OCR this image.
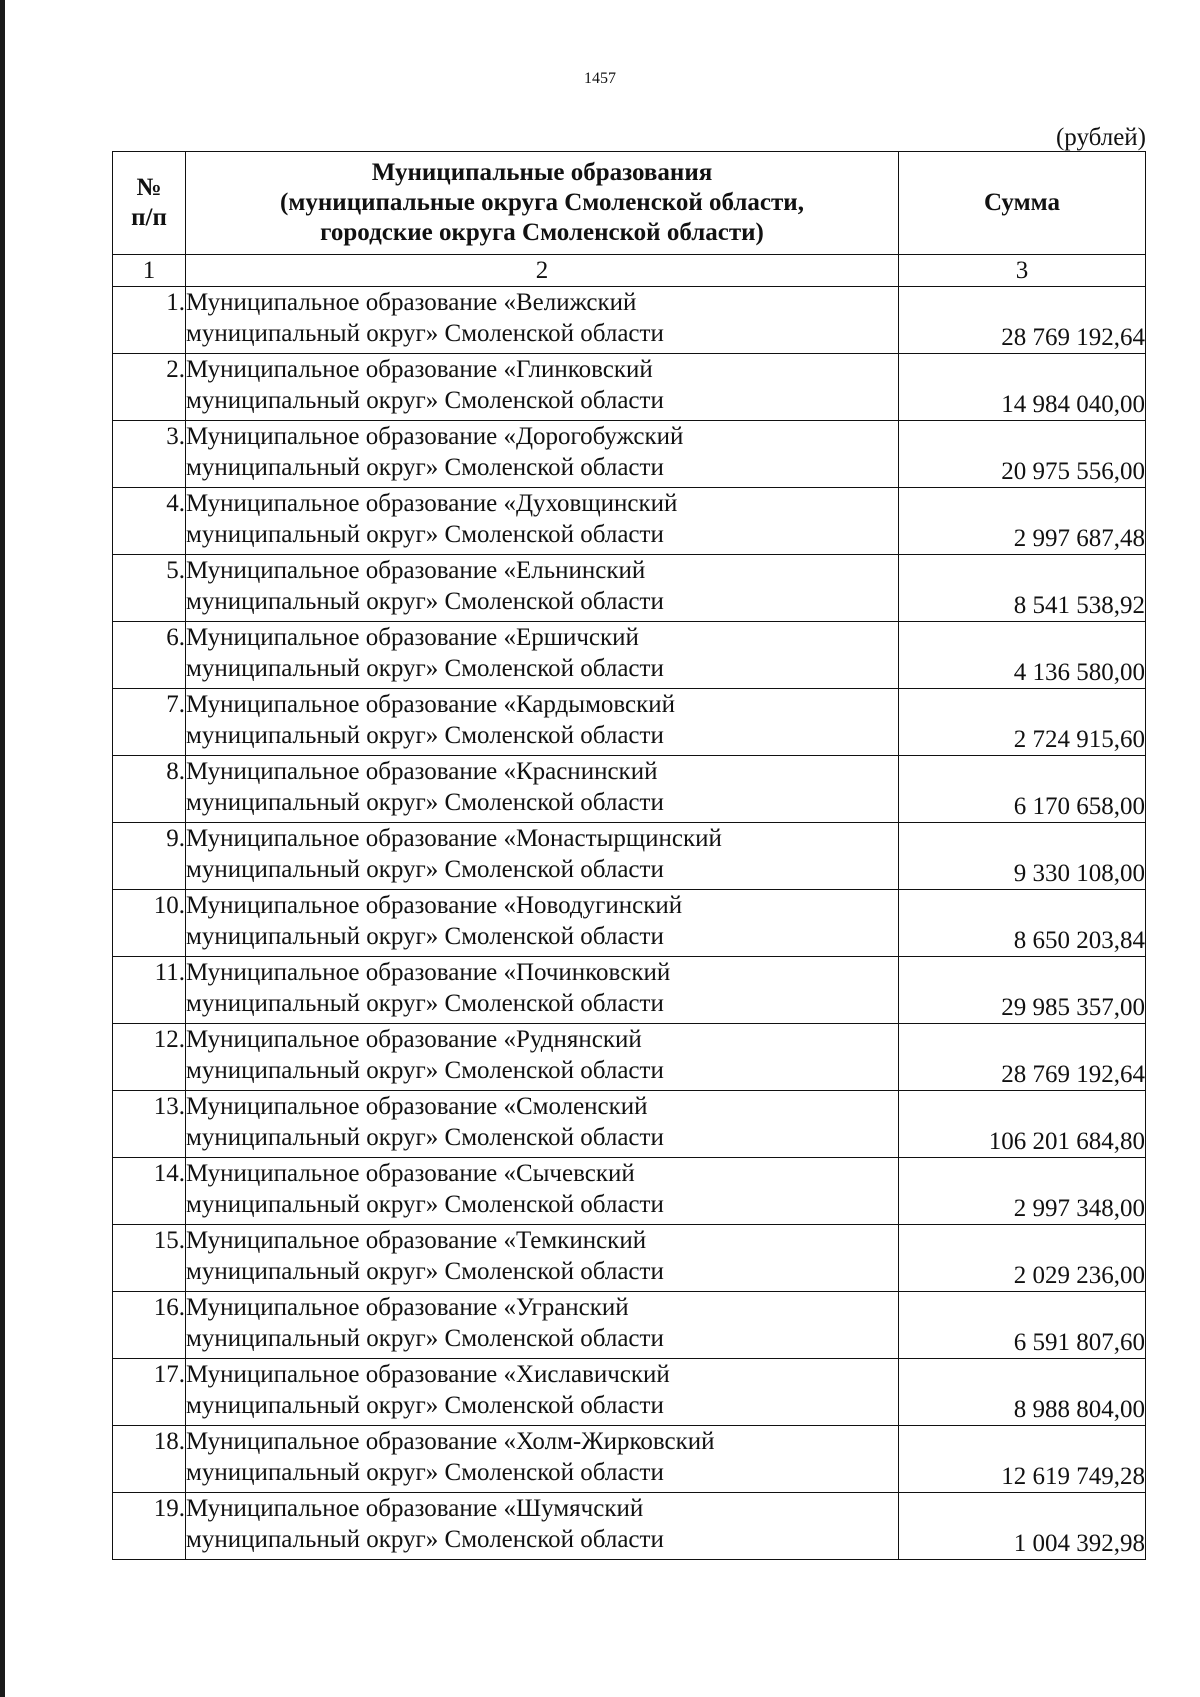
1457
(рублей)
№
п/п	Муниципальные образования
(муниципальные округа Смоленской области,
городские округа Смоленской области)	Сумма
1	2	3
1.	Муниципальное образование «Велижский
муниципальный округ» Смоленской области	28 769 192,64
2.	Муниципальное образование «Глинковский
муниципальный округ» Смоленской области	14 984 040,00
3.	Муниципальное образование «Дорогобужский
муниципальный округ» Смоленской области	20 975 556,00
4.	Муниципальное образование «Духовщинский
муниципальный округ» Смоленской области	2 997 687,48
5.	Муниципальное образование «Ельнинский
муниципальный округ» Смоленской области	8 541 538,92
6.	Муниципальное образование «Ершичский
муниципальный округ» Смоленской области	4 136 580,00
7.	Муниципальное образование «Кардымовский
муниципальный округ» Смоленской области	2 724 915,60
8.	Муниципальное образование «Краснинский
муниципальный округ» Смоленской области	6 170 658,00
9.	Муниципальное образование «Монастырщинский
муниципальный округ» Смоленской области	9 330 108,00
10.	Муниципальное образование «Новодугинский
муниципальный округ» Смоленской области	8 650 203,84
11.	Муниципальное образование «Починковский
муниципальный округ» Смоленской области	29 985 357,00
12.	Муниципальное образование «Руднянский
муниципальный округ» Смоленской области	28 769 192,64
13.	Муниципальное образование «Смоленский
муниципальный округ» Смоленской области	106 201 684,80
14.	Муниципальное образование «Сычевский
муниципальный округ» Смоленской области	2 997 348,00
15.	Муниципальное образование «Темкинский
муниципальный округ» Смоленской области	2 029 236,00
16.	Муниципальное образование «Угранский
муниципальный округ» Смоленской области	6 591 807,60
17.	Муниципальное образование «Хиславичский
муниципальный округ» Смоленской области	8 988 804,00
18.	Муниципальное образование «Холм-Жирковский
муниципальный округ» Смоленской области	12 619 749,28
19.	Муниципальное образование «Шумячский
муниципальный округ» Смоленской области	1 004 392,98
